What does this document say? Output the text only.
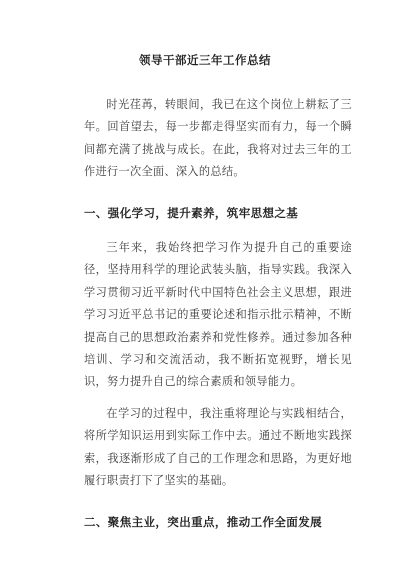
领导干部近三年工作总结

时光荏苒，转眼间，我已在这个岗位上耕耘了三年。回首望去，每一步都走得坚实而有力，每一个瞬间都充满了挑战与成长。在此，我将对过去三年的工作进行一次全面、深入的总结。

一、强化学习，提升素养，筑牢思想之基

三年来，我始终把学习作为提升自己的重要途径，坚持用科学的理论武装头脑，指导实践。我深入学习贯彻习近平新时代中国特色社会主义思想，跟进学习习近平总书记的重要论述和指示批示精神，不断提高自己的思想政治素养和党性修养。通过参加各种培训、学习和交流活动，我不断拓宽视野，增长见识，努力提升自己的综合素质和领导能力。

在学习的过程中，我注重将理论与实践相结合，将所学知识运用到实际工作中去。通过不断地实践探索，我逐渐形成了自己的工作理念和思路，为更好地履行职责打下了坚实的基础。

二、聚焦主业，突出重点，推动工作全面发展
